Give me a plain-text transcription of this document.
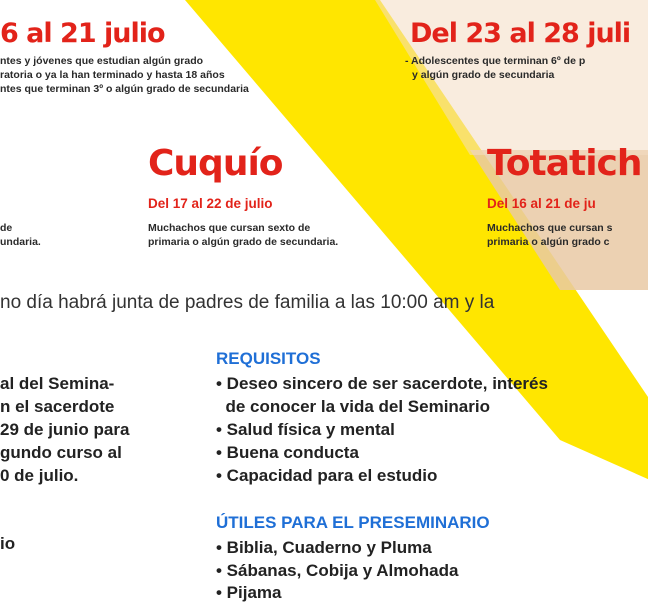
6 al 21 julio
ntes y jóvenes que estudian algún grado
ratoria o ya la han terminado y hasta 18 años
ntes que terminan 3º o algún grado de secundaria
Del 23 al 28 juli
- Adolescentes que terminan 6º de p
y algún grado de secundaria
de
undaria.
Cuquío
Del 17 al 22 de julio
Muchachos que cursan sexto de
primaria o algún grado de secundaria.
Totatich
Del 16 al 21 de ju
Muchachos que cursan s
primaria o algún grado c
no día habrá junta de padres de familia a las 10:00 am y la
al del Semina-
n el sacerdote
29 de junio para
gundo curso al
0 de julio.
io
REQUISITOS
• Deseo sincero de ser sacerdote, interés
de conocer la vida del Seminario
• Salud física y mental
• Buena conducta
• Capacidad para el estudio
ÚTILES PARA EL PRESEMINARIO
• Biblia, Cuaderno y Pluma
• Sábanas, Cobija y Almohada
• Pijama
